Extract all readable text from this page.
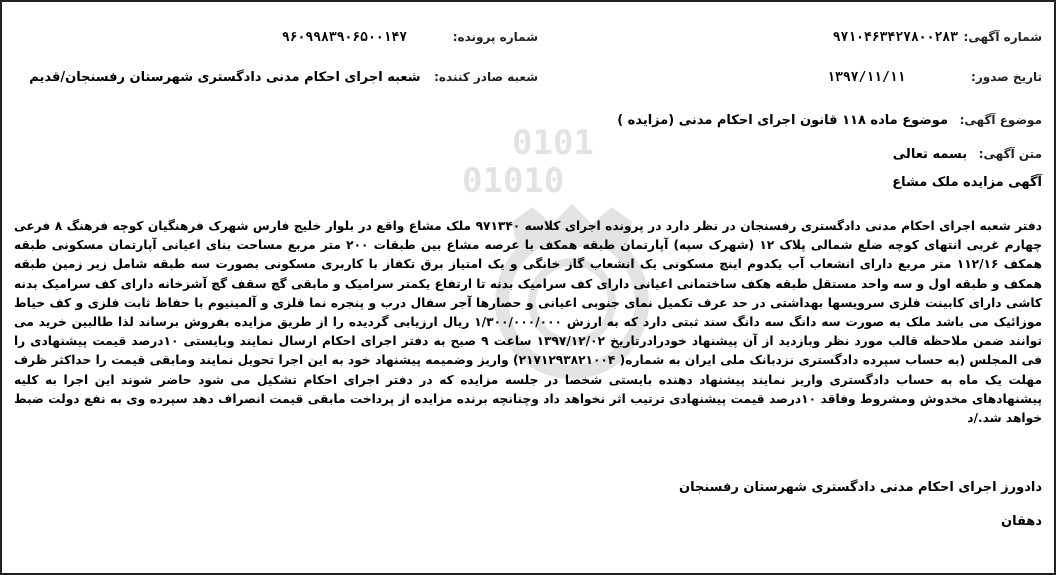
0101
01010
شماره آگهی: ۹۷۱۰۴۶۳۴۲۷۸۰۰۲۸۳
شماره پرونده: ۹۶۰۹۹۸۳۹۰۶۵۰۰۱۴۷
تاریخ صدور: ۱۳۹۷/۱۱/۱۱
شعبه صادر کننده: شعبه اجرای احکام مدنی دادگستری شهرستان رفسنجان/قدیم
موضوع آگهی: موضوع ماده ۱۱۸ قانون اجرای احکام مدنی (مزایده )
متن آگهی: بسمه تعالی
آگهی مزایده ملک مشاع
دفتر شعبه اجرای احکام مدنی دادگستری رفسنجان در نظر دارد در پرونده اجرای کلاسه ۹۷۱۳۴۰ ملک مشاع واقع در بلوار خلیج فارس شهرک فرهنگیان کوچه فرهنگ ۸ فرعی چهارم غربی انتهای کوچه ضلع شمالی پلاک ۱۲ (شهرک سپه) آپارتمان طبقه همکف با عرصه مشاع بین طبقات ۲۰۰ متر مربع مساحت بنای اعیانی آپارتمان مسکونی طبقه همکف ۱۱۲/۱۶ متر مربع دارای انشعاب آب یکدوم اینچ مسکونی یک انشعاب گاز خانگی و یک امتیاز برق تکفاز با کاربری مسکونی بصورت سه طبقه شامل زیر زمین طبقه همکف و طبقه اول و سه واحد مستقل طبقه هکف ساختمانی اعیانی دارای کف سرامیک بدنه تا ارتفاع یکمتر سرامیک و مابقی گچ سقف گچ آشزخانه دارای کف سرامیک بدنه کاشی دارای کابینت فلزی سرویسها بهداشتی در حد عرف تکمیل نمای جنوبی اعیانی و حصارها آجر سفال درب و پنجره نما فلزی و آلمینیوم با حفاظ ثابت فلزی و کف حیاط موزائیک می باشد ملک به صورت سه دانگ سه دانگ سند ثبتی دارد که به ارزش ۱/۳۰۰/۰۰۰/۰۰۰ ریال ارزیابی گردیده را از طریق مزایده بفروش برساند لذا طالبین خرید می توانند ضمن ملاحظه قالب مورد نظر وبازدید از آن پیشنهاد خودرادرتاریخ ۱۳۹۷/۱۲/۰۲ ساعت ۹ صبح به دفتر اجرای احکام ارسال نمایند وبایستی ۱۰درصد قیمت پیشنهادی را فی المجلس (به حساب سپرده دادگستری نزدبانک ملی ایران به شماره( ۲۱۷۱۲۹۳۸۲۱۰۰۴) واریز وضمیمه پیشنهاد خود به این اجرا تحویل نمایند ومابقی قیمت را حداکثر ظرف مهلت یک ماه به حساب دادگستری واریز نمایند پیشنهاد دهنده بایستی شخصا در جلسه مزایده که در دفتر اجرای احکام تشکیل می شود حاضر شوند این اجرا به کلیه پیشنهادهای مخدوش ومشروط وفاقد ۱۰درصد قیمت پیشنهادی ترتیب اثر نخواهد داد وچنانچه برنده مزایده از پرداخت مابقی قیمت انصراف دهد سپرده وی به نفع دولت ضبط خواهد شد./د
دادورز اجرای احکام مدنی دادگستری شهرستان رفسنجان
دهقان
